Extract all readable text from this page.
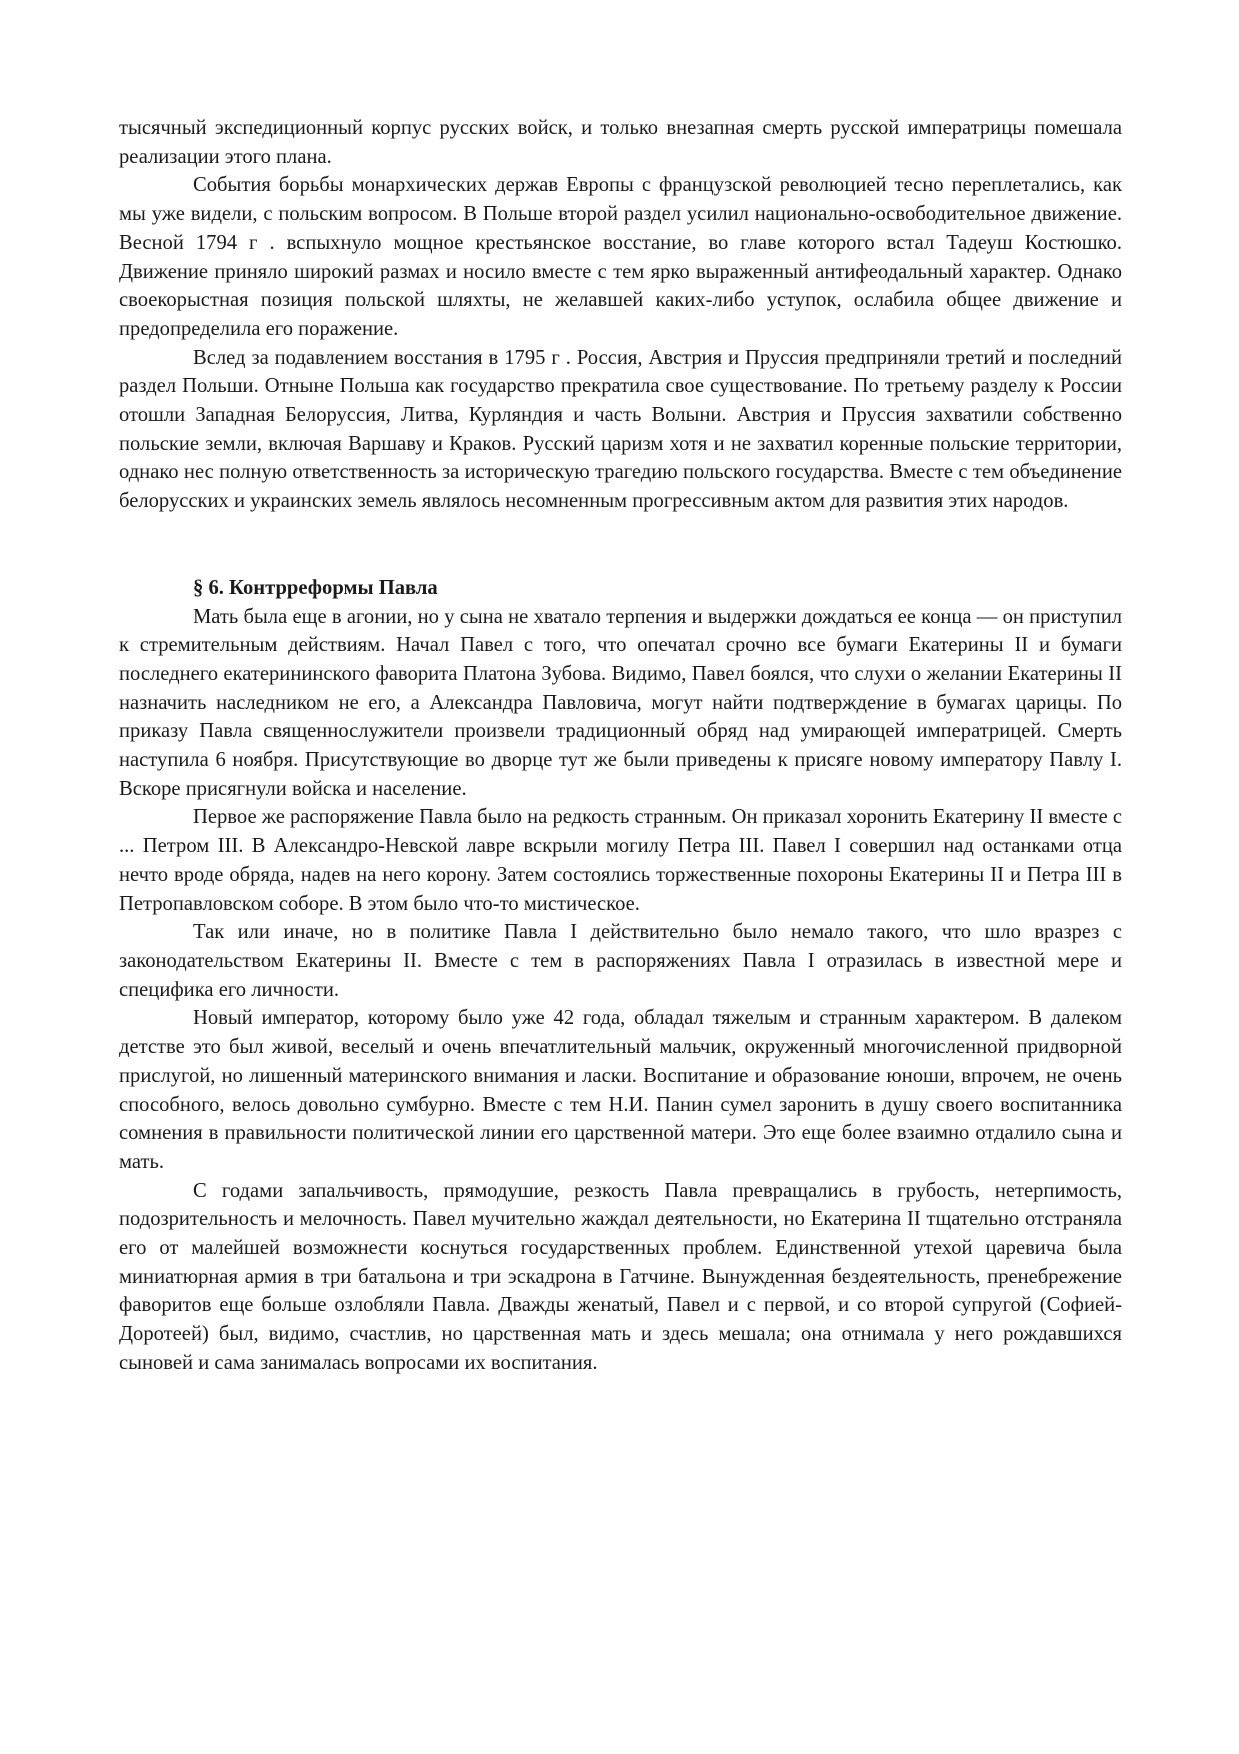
тысячный экспедиционный корпус русских войск, и только внезапная смерть русской императрицы помешала реализации этого плана.

События борьбы монархических держав Европы с французской революцией тесно переплетались, как мы уже видели, с польским вопросом. В Польше второй раздел усилил национально-освободительное движение. Весной 1794 г . вспыхнуло мощное крестьянское восстание, во главе которого встал Тадеуш Костюшко. Движение приняло широкий размах и носило вместе с тем ярко выраженный антифеодальный характер. Однако своекорыстная позиция польской шляхты, не желавшей каких-либо уступок, ослабила общее движение и предопределила его поражение.

Вслед за подавлением восстания в 1795 г . Россия, Австрия и Пруссия предприняли третий и последний раздел Польши. Отныне Польша как государство прекратила свое существование. По третьему разделу к России отошли Западная Белоруссия, Литва, Курляндия и часть Волыни. Австрия и Пруссия захватили собственно польские земли, включая Варшаву и Краков. Русский царизм хотя и не захватил коренные польские территории, однако нес полную ответственность за историческую трагедию польского государства. Вместе с тем объединение белорусских и украинских земель являлось несомненным прогрессивным актом для развития этих народов.

§ 6. Контрреформы Павла

Мать была еще в агонии, но у сына не хватало терпения и выдержки дождаться ее конца — он приступил к стремительным действиям. Начал Павел с того, что опечатал срочно все бумаги Екатерины II и бумаги последнего екатерининского фаворита Платона Зубова. Видимо, Павел боялся, что слухи о желании Екатерины II назначить наследником не его, а Александра Павловича, могут найти подтверждение в бумагах царицы. По приказу Павла священнослужители произвели традиционный обряд над умирающей императрицей. Смерть наступила 6 ноября. Присутствующие во дворце тут же были приведены к присяге новому императору Павлу I. Вскоре присягнули войска и население.

Первое же распоряжение Павла было на редкость странным. Он приказал хоронить Екатерину II вместе с ... Петром III. В Александро-Невской лавре вскрыли могилу Петра III. Павел I совершил над останками отца нечто вроде обряда, надев на него корону. Затем состоялись торжественные похороны Екатерины II и Петра III в Петропавловском соборе. В этом было что-то мистическое.

Так или иначе, но в политике Павла I действительно было немало такого, что шло вразрез с законодательством Екатерины II. Вместе с тем в распоряжениях Павла I отразилась в известной мере и специфика его личности.

Новый император, которому было уже 42 года, обладал тяжелым и странным характером. В далеком детстве это был живой, веселый и очень впечатлительный мальчик, окруженный многочисленной придворной прислугой, но лишенный материнского внимания и ласки. Воспитание и образование юноши, впрочем, не очень способного, велось довольно сумбурно. Вместе с тем Н.И. Панин сумел заронить в душу своего воспитанника сомнения в правильности политической линии его царственной матери. Это еще более взаимно отдалило сына и мать.

С годами запальчивость, прямодушие, резкость Павла превращались в грубость, нетерпимость, подозрительность и мелочность. Павел мучительно жаждал деятельности, но Екатерина II тщательно отстраняла его от малейшей возможнести коснуться государственных проблем. Единственной утехой царевича была миниатюрная армия в три батальона и три эскадрона в Гатчине. Вынужденная бездеятельность, пренебрежение фаворитов еще больше озлобляли Павла. Дважды женатый, Павел и с первой, и со второй супругой (Софией-Доротеей) был, видимо, счастлив, но царственная мать и здесь мешала; она отнимала у него рождавшихся сыновей и сама занималась вопросами их воспитания.
